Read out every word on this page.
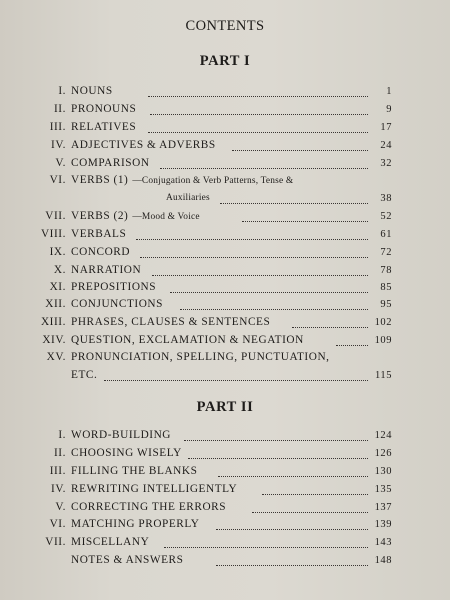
CONTENTS
PART I
I. NOUNS	1
II. PRONOUNS	9
III. RELATIVES	17
IV. ADJECTIVES & ADVERBS	24
V. COMPARISON	32
VI. VERBS (1) —Conjugation & Verb Patterns, Tense &
Auxiliaries	38
VII. VERBS (2) —Mood & Voice	52
VIII. VERBALS	61
IX. CONCORD	72
X. NARRATION	78
XI. PREPOSITIONS	85
XII. CONJUNCTIONS	95
XIII. PHRASES, CLAUSES & SENTENCES	102
XIV. QUESTION, EXCLAMATION & NEGATION	109
XV. PRONUNCIATION, SPELLING, PUNCTUATION,
ETC.	115
PART II
I. WORD-BUILDING	124
II. CHOOSING WISELY	126
III. FILLING THE BLANKS	130
IV. REWRITING INTELLIGENTLY	135
V. CORRECTING THE ERRORS	137
VI. MATCHING PROPERLY	139
VII. MISCELLANY	143
NOTES & ANSWERS	148
